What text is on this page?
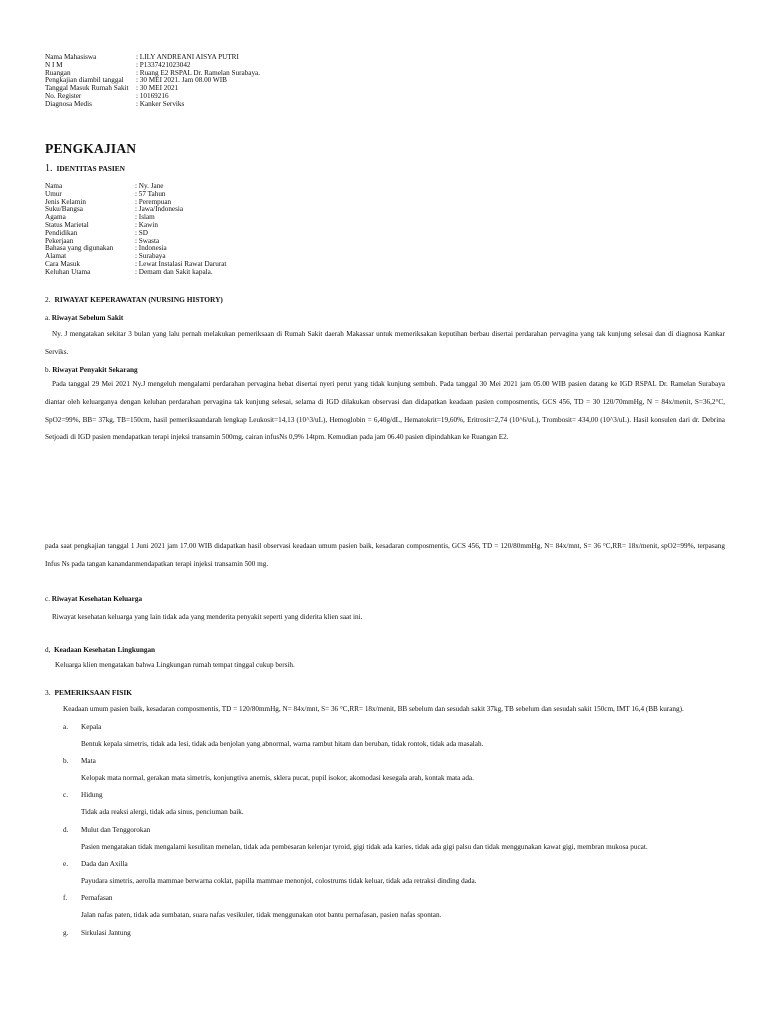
Nama Mahasiswa	: LILY ANDREANI AISYA PUTRI
N I M	: P1337421023042
Ruangan	: Ruang E2 RSPAL Dr. Ramelan Surabaya.
Pengkajian diambil tanggal	: 30 MEI 2021. Jam 08.00 WIB
Tanggal Masuk Rumah Sakit	: 30 MEI 2021
No. Register	: 10169216
Diagnosa Medis	: Kanker Serviks
PENGKAJIAN
1. IDENTITAS PASIEN
Nama	: Ny. Jane
Umur	: 57 Tahun
Jenis Kelamin	: Perempuan
Suku/Bangsa	: Jawa/Indonesia
Agama	: Islam
Status Marietal	: Kawin
Pendidikan	: SD
Pekerjaan	: Swasta
Bahasa yang digunakan	: Indonesia
Alamat	: Surabaya
Cara Masuk	: Lewat Instalasi Rawat Darurat
Keluhan Utama	: Demam dan Sakit kapala.
2. RIWAYAT KEPERAWATAN (NURSING HISTORY)
a. Riwayat Sebelum Sakit
Ny. J mengatakan sekitar 3 bulan yang lalu pernah melakukan pemeriksaan di Rumah Sakit daerah Makassar untuk memeriksakan keputihan berbau disertai perdarahan pervagina yang tak kunjung selesai dan di diagnosa Kankar Serviks.
b. Riwayat Penyakit Sekarang
Pada tanggal 29 Mei 2021 Ny.J mengeluh mengalami perdarahan pervagina hebat disertai nyeri perut yang tidak kunjung sembuh. Pada tanggal 30 Mei 2021 jam 05.00 WIB pasien datang ke IGD RSPAL Dr. Ramelan Surabaya diantar oleh keluarganya dengan keluhan perdarahan pervagina tak kunjung selesai, selama di IGD dilakukan observasi dan didapatkan keadaan pasien composmentis, GCS 456, TD = 30 120/70mmHg, N = 84x/menit, S=36,2°C, SpO2=99%, BB= 37kg, TB=150cm, hasil pemeriksaandarah lengkap Leukosit=14,13 (10^3/uL), Hemoglobin = 6,40g/dL, Hematokrit=19,60%, Eritrosit=2,74 (10^6/uL), Trombosit= 434,00 (10^3/uL). Hasil konsulen dari dr. Debrina Setjoadi di IGD pasien mendapatkan terapi injeksi transamin 500mg, cairan infusNs 0,9% 14tpm. Kemudian pada jam 06.40 pasien dipindahkan ke Ruangan E2.
pada saat pengkajian tanggal 1 Juni 2021 jam 17.00 WIB didapatkan hasil observasi keadaan umum pasien baik, kesadaran composmentis, GCS 456, TD = 120/80mmHg, N= 84x/mnt, S= 36 °C,RR= 18x/menit, spO2=99%, terpasang Infus Ns pada tangan kanandanmendapatkan terapi injeksi transamin 500 mg.
c. Riwayat Kesehatan Keluarga
Riwayat kesehatan keluarga yang lain tidak ada yang menderita penyakit seperti yang diderita klien saat ini.
d, Keadaan Kesehatan Lingkungan
Keluarga klien mengatakan bahwa Lingkungan rumah tempat tinggal cukup bersih.
3. PEMERIKSAAN FISIK
Keadaan umum pasien baik, kesadaran composmentis, TD = 120/80mmHg, N= 84x/mnt, S= 36 °C,RR= 18x/menit, BB sebelum dan sesudah sakit 37kg, TB sebelum dan sesudah sakit 150cm, IMT 16,4 (BB kurang).
a. Kepala
Bentuk kepala simetris, tidak ada lesi, tidak ada benjolan yang abnormal, warna rambut hitam dan beruban, tidak rontok, tidak ada masalah.
b. Mata
Kelopak mata normal, gerakan mata simetris, konjungtiva anemis, sklera pucat, pupil isokor, akomodasi kesegala arah, kontak mata ada.
c. Hidung
Tidak ada reaksi alergi, tidak ada sinus, penciuman baik.
d. Mulut dan Tenggorokan
Pasien mengatakan tidak mengalami kesulitan menelan, tidak ada pembesaran kelenjar tyroid, gigi tidak ada karies, tidak ada gigi palsu dan tidak menggunakan kawat gigi, membran mukosa pucat.
e. Dada dan Axilla
Payudara simetris, aerolla mammae berwarna coklat, papilla mammae menonjol, colostrums tidak keluar, tidak ada retraksi dinding dada.
f. Pernafasan
Jalan nafas paten, tidak ada sumbatan, suara nafas vesikuler, tidak menggunakan otot bantu pernafasan, pasien nafas spontan.
g. Sirkulasi Jantung
